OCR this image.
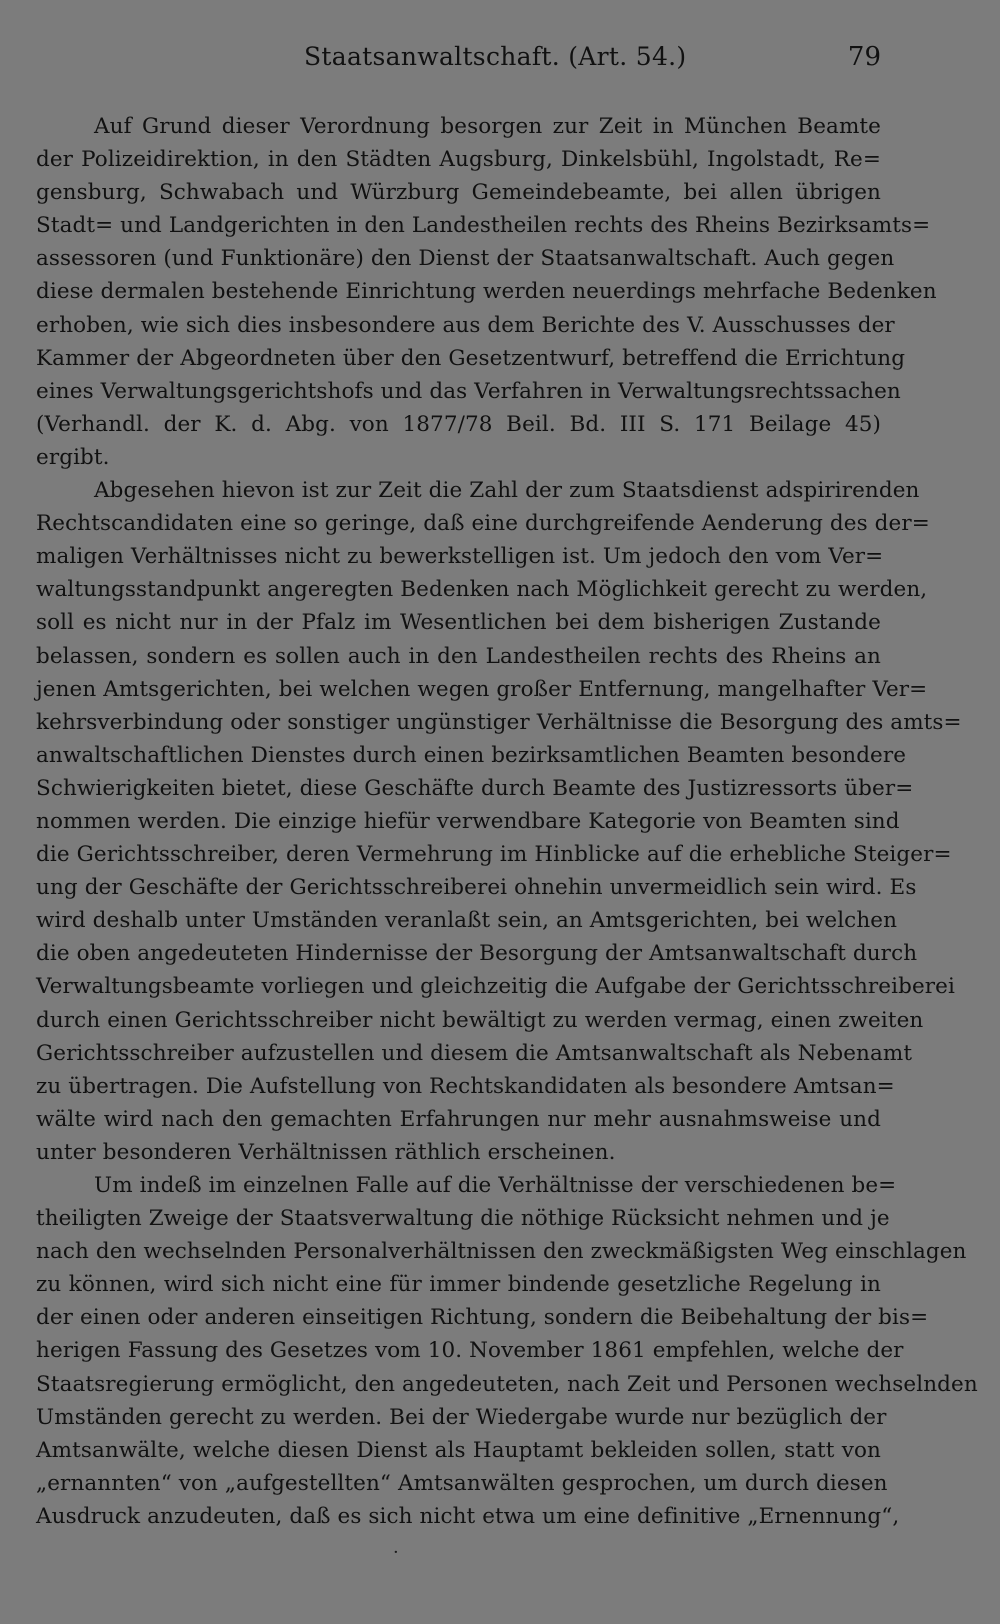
Staatsanwaltschaft. (Art. 54.)	79
Auf Grund dieser Verordnung besorgen zur Zeit in München Beamte
der Polizeidirektion, in den Städten Augsburg, Dinkelsbühl, Ingolstadt, Re=
gensburg, Schwabach und Würzburg Gemeindebeamte, bei allen übrigen
Stadt= und Landgerichten in den Landestheilen rechts des Rheins Bezirksamts=
assessoren (und Funktionäre) den Dienst der Staatsanwaltschaft. Auch gegen
diese dermalen bestehende Einrichtung werden neuerdings mehrfache Bedenken
erhoben, wie sich dies insbesondere aus dem Berichte des V. Ausschusses der
Kammer der Abgeordneten über den Gesetzentwurf, betreffend die Errichtung
eines Verwaltungsgerichtshofs und das Verfahren in Verwaltungsrechtssachen
(Verhandl. der K. d. Abg. von 1877/78 Beil. Bd. III S. 171 Beilage 45)
ergibt.
Abgesehen hievon ist zur Zeit die Zahl der zum Staatsdienst adspirirenden
Rechtscandidaten eine so geringe, daß eine durchgreifende Aenderung des der=
maligen Verhältnisses nicht zu bewerkstelligen ist. Um jedoch den vom Ver=
waltungsstandpunkt angeregten Bedenken nach Möglichkeit gerecht zu werden,
soll es nicht nur in der Pfalz im Wesentlichen bei dem bisherigen Zustande
belassen, sondern es sollen auch in den Landestheilen rechts des Rheins an
jenen Amtsgerichten, bei welchen wegen großer Entfernung, mangelhafter Ver=
kehrsverbindung oder sonstiger ungünstiger Verhältnisse die Besorgung des amts=
anwaltschaftlichen Dienstes durch einen bezirksamtlichen Beamten besondere
Schwierigkeiten bietet, diese Geschäfte durch Beamte des Justizressorts über=
nommen werden. Die einzige hiefür verwendbare Kategorie von Beamten sind
die Gerichtsschreiber, deren Vermehrung im Hinblicke auf die erhebliche Steiger=
ung der Geschäfte der Gerichtsschreiberei ohnehin unvermeidlich sein wird. Es
wird deshalb unter Umständen veranlaßt sein, an Amtsgerichten, bei welchen
die oben angedeuteten Hindernisse der Besorgung der Amtsanwaltschaft durch
Verwaltungsbeamte vorliegen und gleichzeitig die Aufgabe der Gerichtsschreiberei
durch einen Gerichtsschreiber nicht bewältigt zu werden vermag, einen zweiten
Gerichtsschreiber aufzustellen und diesem die Amtsanwaltschaft als Nebenamt
zu übertragen. Die Aufstellung von Rechtskandidaten als besondere Amtsan=
wälte wird nach den gemachten Erfahrungen nur mehr ausnahmsweise und
unter besonderen Verhältnissen räthlich erscheinen.
Um indeß im einzelnen Falle auf die Verhältnisse der verschiedenen be=
theiligten Zweige der Staatsverwaltung die nöthige Rücksicht nehmen und je
nach den wechselnden Personalverhältnissen den zweckmäßigsten Weg einschlagen
zu können, wird sich nicht eine für immer bindende gesetzliche Regelung in
der einen oder anderen einseitigen Richtung, sondern die Beibehaltung der bis=
herigen Fassung des Gesetzes vom 10. November 1861 empfehlen, welche der
Staatsregierung ermöglicht, den angedeuteten, nach Zeit und Personen wechselnden
Umständen gerecht zu werden. Bei der Wiedergabe wurde nur bezüglich der
Amtsanwälte, welche diesen Dienst als Hauptamt bekleiden sollen, statt von
„ernannten“ von „aufgestellten“ Amtsanwälten gesprochen, um durch diesen
Ausdruck anzudeuten, daß es sich nicht etwa um eine definitive „Ernennung“,
·
